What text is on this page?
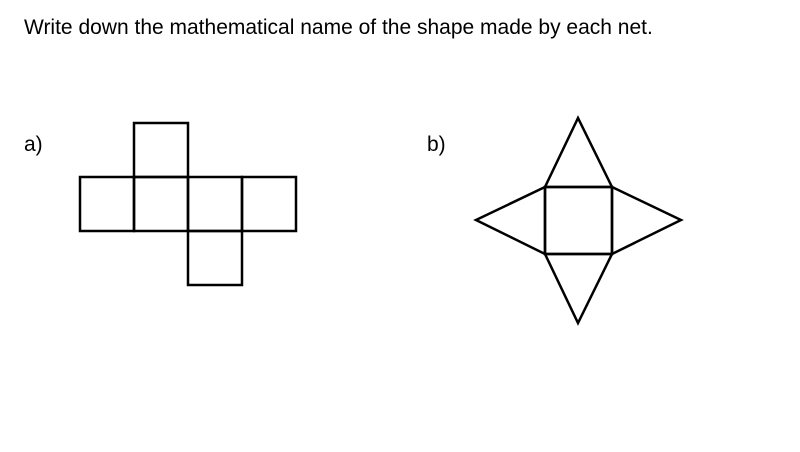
Write down the mathematical name of the shape made by each net.
a)	b)
